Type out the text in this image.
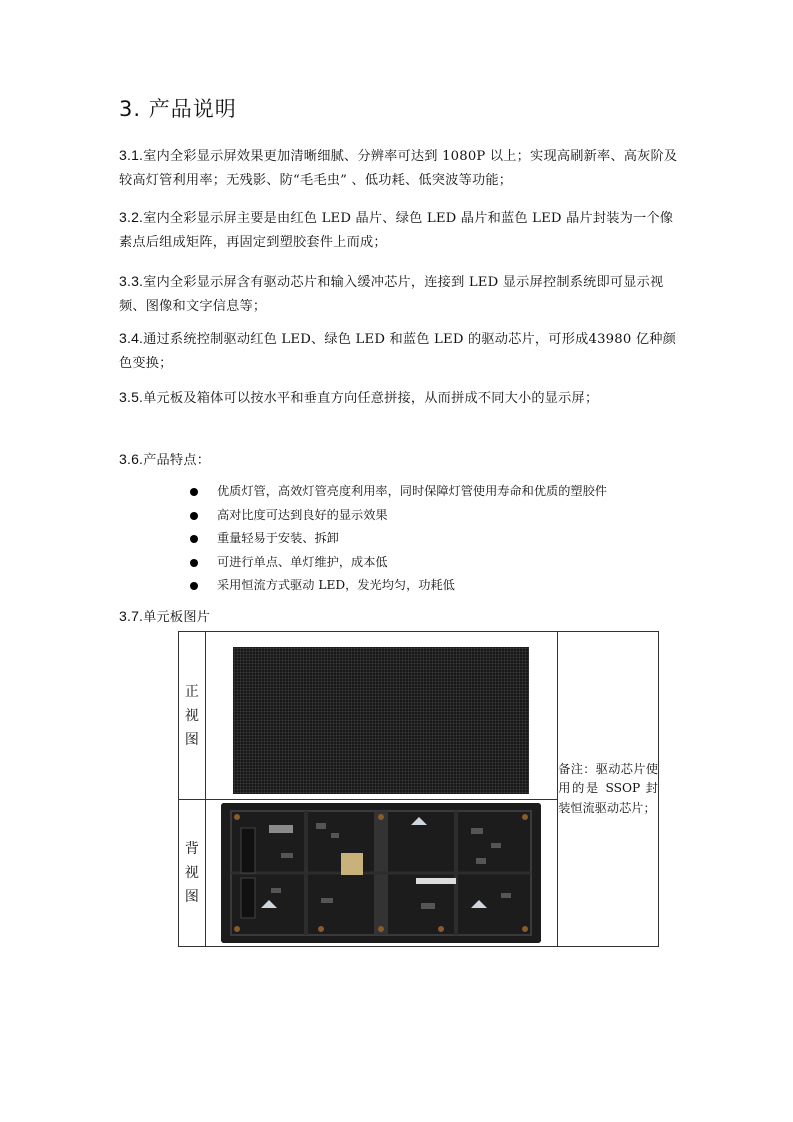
3. 产品说明
3.1.室内全彩显示屏效果更加清晰细腻、分辨率可达到 1080P 以上；实现高刷新率、高灰阶及较高灯管利用率；无残影、防“毛毛虫” 、低功耗、低突波等功能；
3.2.室内全彩显示屏主要是由红色 LED 晶片、绿色 LED 晶片和蓝色 LED 晶片封装为一个像素点后组成矩阵，再固定到塑胶套件上而成；
3.3.室内全彩显示屏含有驱动芯片和输入缓冲芯片，连接到 LED 显示屏控制系统即可显示视频、图像和文字信息等；
3.4.通过系统控制驱动红色 LED、绿色 LED 和蓝色 LED 的驱动芯片，可形成43980 亿种颜色变换；
3.5.单元板及箱体可以按水平和垂直方向任意拼接，从而拼成不同大小的显示屏；
3.6.产品特点：
优质灯管，高效灯管亮度利用率，同时保障灯管使用寿命和优质的塑胶件
高对比度可达到良好的显示效果
重量轻易于安装、拆卸
可进行单点、单灯维护，成本低
采用恒流方式驱动 LED，发光均匀，功耗低
3.7.单元板图片
正
视
图		备注：驱动芯片使用的是 SSOP 封装恒流驱动芯片；

背
视
图
